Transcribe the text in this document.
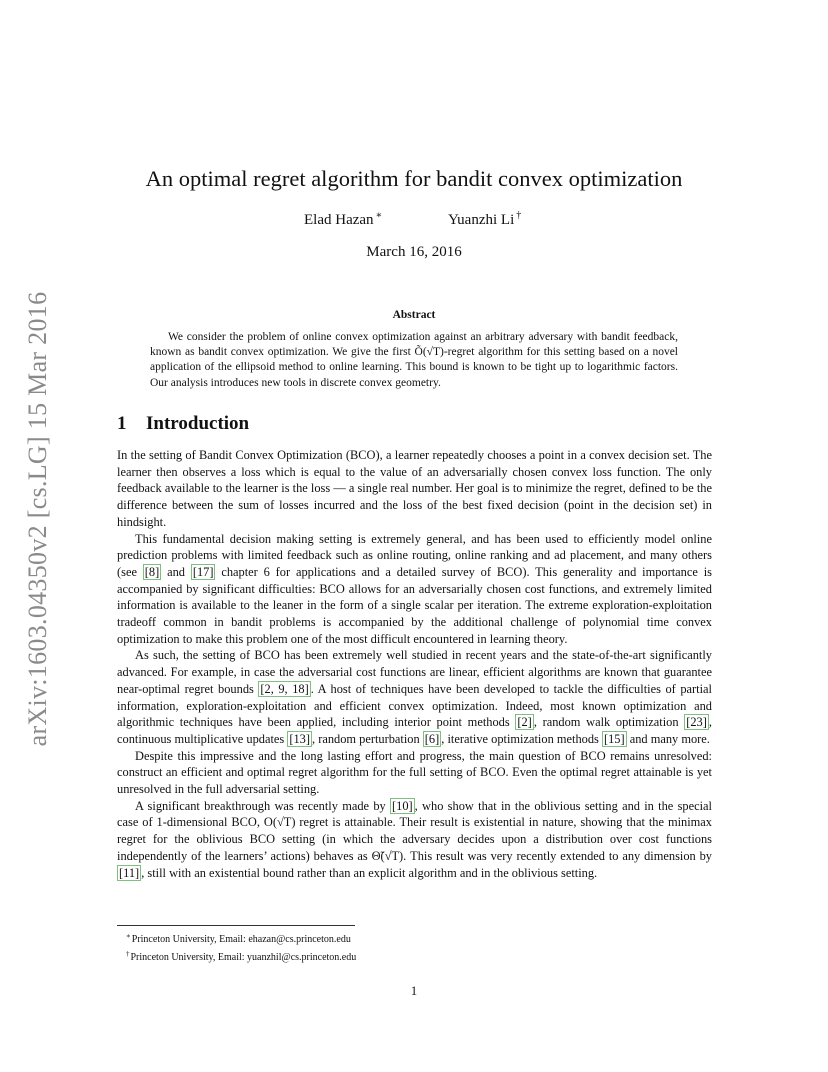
arXiv:1603.04350v2 [cs.LG] 15 Mar 2016
An optimal regret algorithm for bandit convex optimization
Elad Hazan ∗	Yuanzhi Li †
March 16, 2016
Abstract

We consider the problem of online convex optimization against an arbitrary adversary with bandit feedback, known as bandit convex optimization. We give the first Õ(√T)-regret algorithm for this setting based on a novel application of the ellipsoid method to online learning. This bound is known to be tight up to logarithmic factors. Our analysis introduces new tools in discrete convex geometry.

1 Introduction

In the setting of Bandit Convex Optimization (BCO), a learner repeatedly chooses a point in a convex decision set. The learner then observes a loss which is equal to the value of an adversarially chosen convex loss function. The only feedback available to the learner is the loss — a single real number. Her goal is to minimize the regret, defined to be the difference between the sum of losses incurred and the loss of the best fixed decision (point in the decision set) in hindsight.

This fundamental decision making setting is extremely general, and has been used to efficiently model online prediction problems with limited feedback such as online routing, online ranking and ad placement, and many others (see [8] and [17] chapter 6 for applications and a detailed survey of BCO). This generality and importance is accompanied by significant difficulties: BCO allows for an adversarially chosen cost functions, and extremely limited information is available to the leaner in the form of a single scalar per iteration. The extreme exploration-exploitation tradeoff common in bandit problems is accompanied by the additional challenge of polynomial time convex optimization to make this problem one of the most difficult encountered in learning theory.

As such, the setting of BCO has been extremely well studied in recent years and the state-of-the-art significantly advanced. For example, in case the adversarial cost functions are linear, efficient algorithms are known that guarantee near-optimal regret bounds [2, 9, 18] . A host of techniques have been developed to tackle the difficulties of partial information, exploration-exploitation and efficient convex optimization. Indeed, most known optimization and algorithmic techniques have been applied, including interior point methods [2] , random walk optimization [23] , continuous multiplicative updates [13] , random perturbation [6] , iterative optimization methods [15] and many more.

Despite this impressive and the long lasting effort and progress, the main question of BCO remains unresolved: construct an efficient and optimal regret algorithm for the full setting of BCO. Even the optimal regret attainable is yet unresolved in the full adversarial setting.

A significant breakthrough was recently made by [10] , who show that in the oblivious setting and in the special case of 1-dimensional BCO, O(√T) regret is attainable. Their result is existential in nature, showing that the minimax regret for the oblivious BCO setting (in which the adversary decides upon a distribution over cost functions independently of the learners’ actions) behaves as Θ̃(√T). This result was very recently extended to any dimension by [11] , still with an existential bound rather than an explicit algorithm and in the oblivious setting.

∗Princeton University, Email: ehazan@cs.princeton.edu
†Princeton University, Email: yuanzhil@cs.princeton.edu
1
